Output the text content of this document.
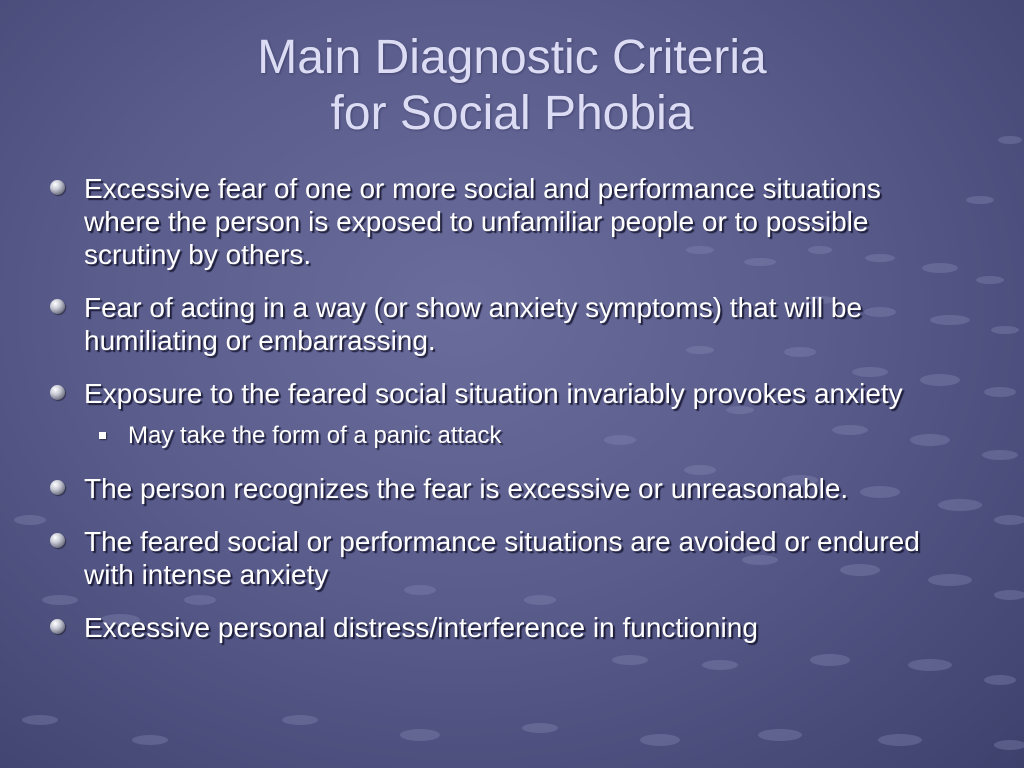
Main Diagnostic Criteria
for Social Phobia
Excessive fear of one or more social and performance situations where the person is exposed to unfamiliar people or to possible scrutiny by others.
Fear of acting in a way (or show anxiety symptoms) that will be humiliating or embarrassing.
Exposure to the feared social situation invariably provokes anxiety
May take the form of a panic attack
The person recognizes the fear is excessive or unreasonable.
The feared social or performance situations are avoided or endured with intense anxiety
Excessive personal distress/interference in functioning
